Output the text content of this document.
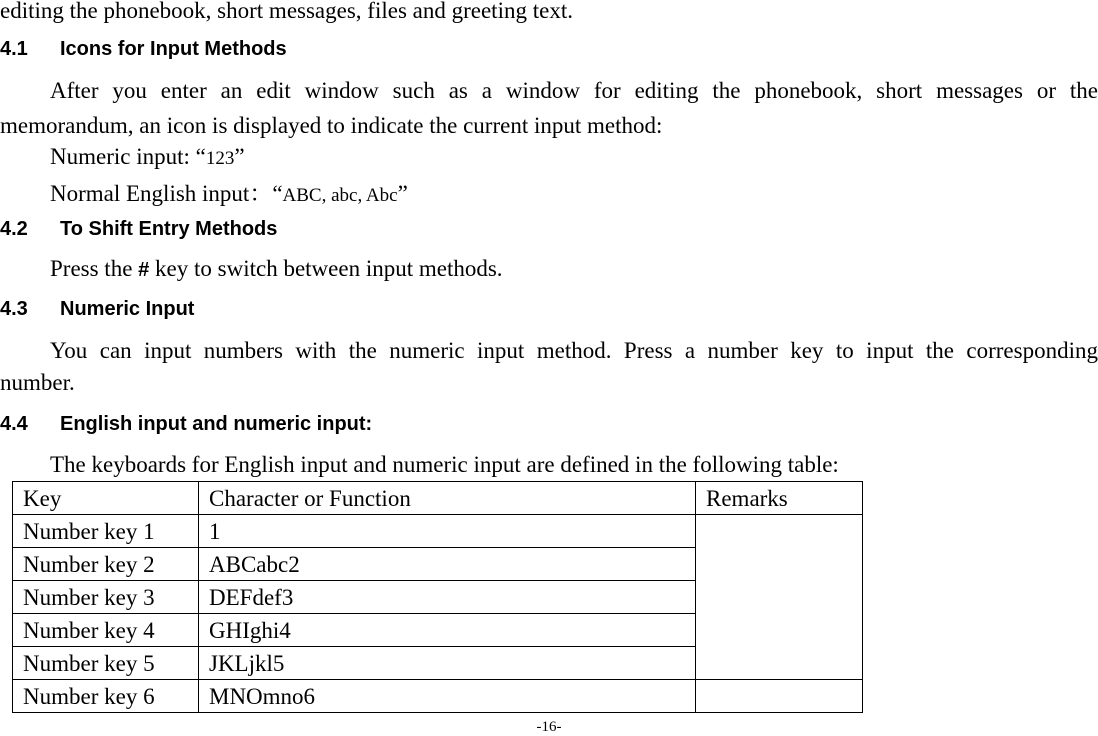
editing the phonebook, short messages, files and greeting text.
4.1 Icons for Input Methods
After you enter an edit window such as a window for editing the phonebook, short messages or the
memorandum, an icon is displayed to indicate the current input method:
Numeric input: “123”
Normal English input：“ABC, abc, Abc”
4.2 To Shift Entry Methods
Press the # key to switch between input methods.
4.3 Numeric Input
You can input numbers with the numeric input method. Press a number key to input the corresponding
number.
4.4 English input and numeric input:
The keyboards for English input and numeric input are defined in the following table:
Key	Character or Function	Remarks
Number key 1	1	
Number key 2	ABCabc2	
Number key 3	DEFdef3	
Number key 4	GHIghi4	
Number key 5	JKLjkl5	
Number key 6	MNOmno6	
-16-
